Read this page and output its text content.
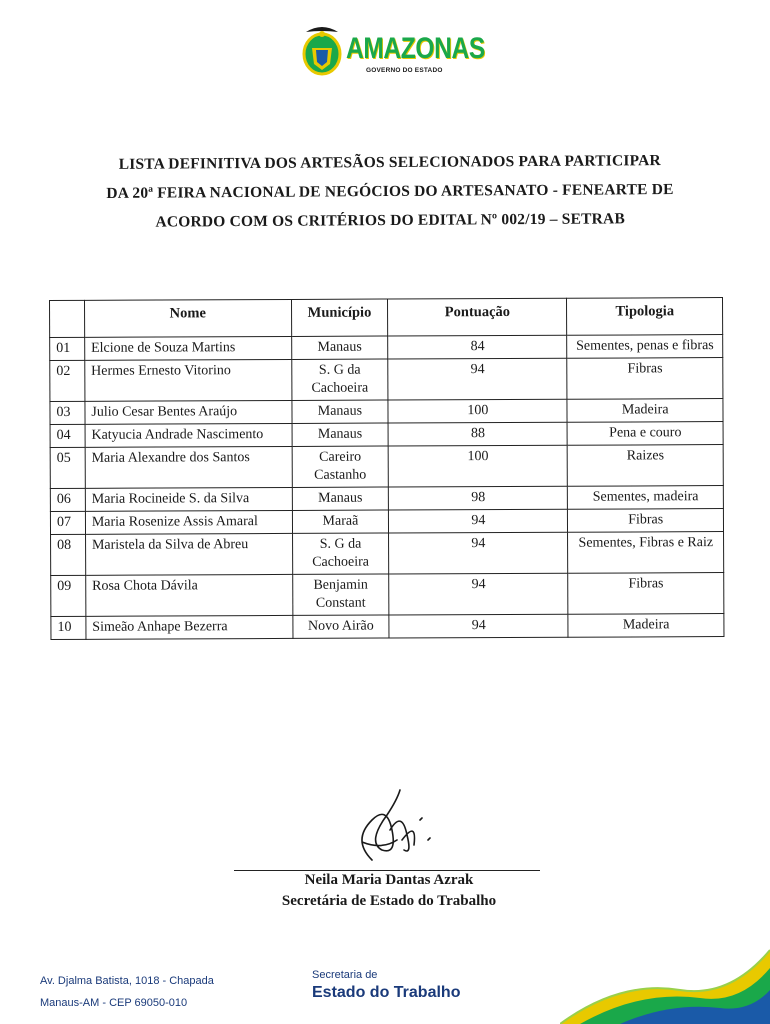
AMAZONAS
GOVERNO DO ESTADO
LISTA DEFINITIVA DOS ARTESÃOS SELECIONADOS PARA PARTICIPAR
DA 20ª FEIRA NACIONAL DE NEGÓCIOS DO ARTESANATO - FENEARTE DE
ACORDO COM OS CRITÉRIOS DO EDITAL Nº 002/19 – SETRAB
	Nome	Município	Pontuação	Tipologia
01	Elcione de Souza Martins	Manaus	84	Sementes, penas e fibras
02	Hermes Ernesto Vitorino	S. G da Cachoeira	94	Fibras
03	Julio Cesar Bentes Araújo	Manaus	100	Madeira
04	Katyucia Andrade Nascimento	Manaus	88	Pena e couro
05	Maria Alexandre dos Santos	Careiro Castanho	100	Raizes
06	Maria Rocineide S. da Silva	Manaus	98	Sementes, madeira
07	Maria Rosenize Assis Amaral	Maraã	94	Fibras
08	Maristela da Silva de Abreu	S. G da Cachoeira	94	Sementes, Fibras e Raiz
09	Rosa Chota Dávila	Benjamin Constant	94	Fibras
10	Simeão Anhape Bezerra	Novo Airão	94	Madeira
Neila Maria Dantas Azrak
Secretária de Estado do Trabalho
Av. Djalma Batista, 1018 - Chapada
Manaus-AM - CEP 69050-010
Secretaria de
Estado do Trabalho
